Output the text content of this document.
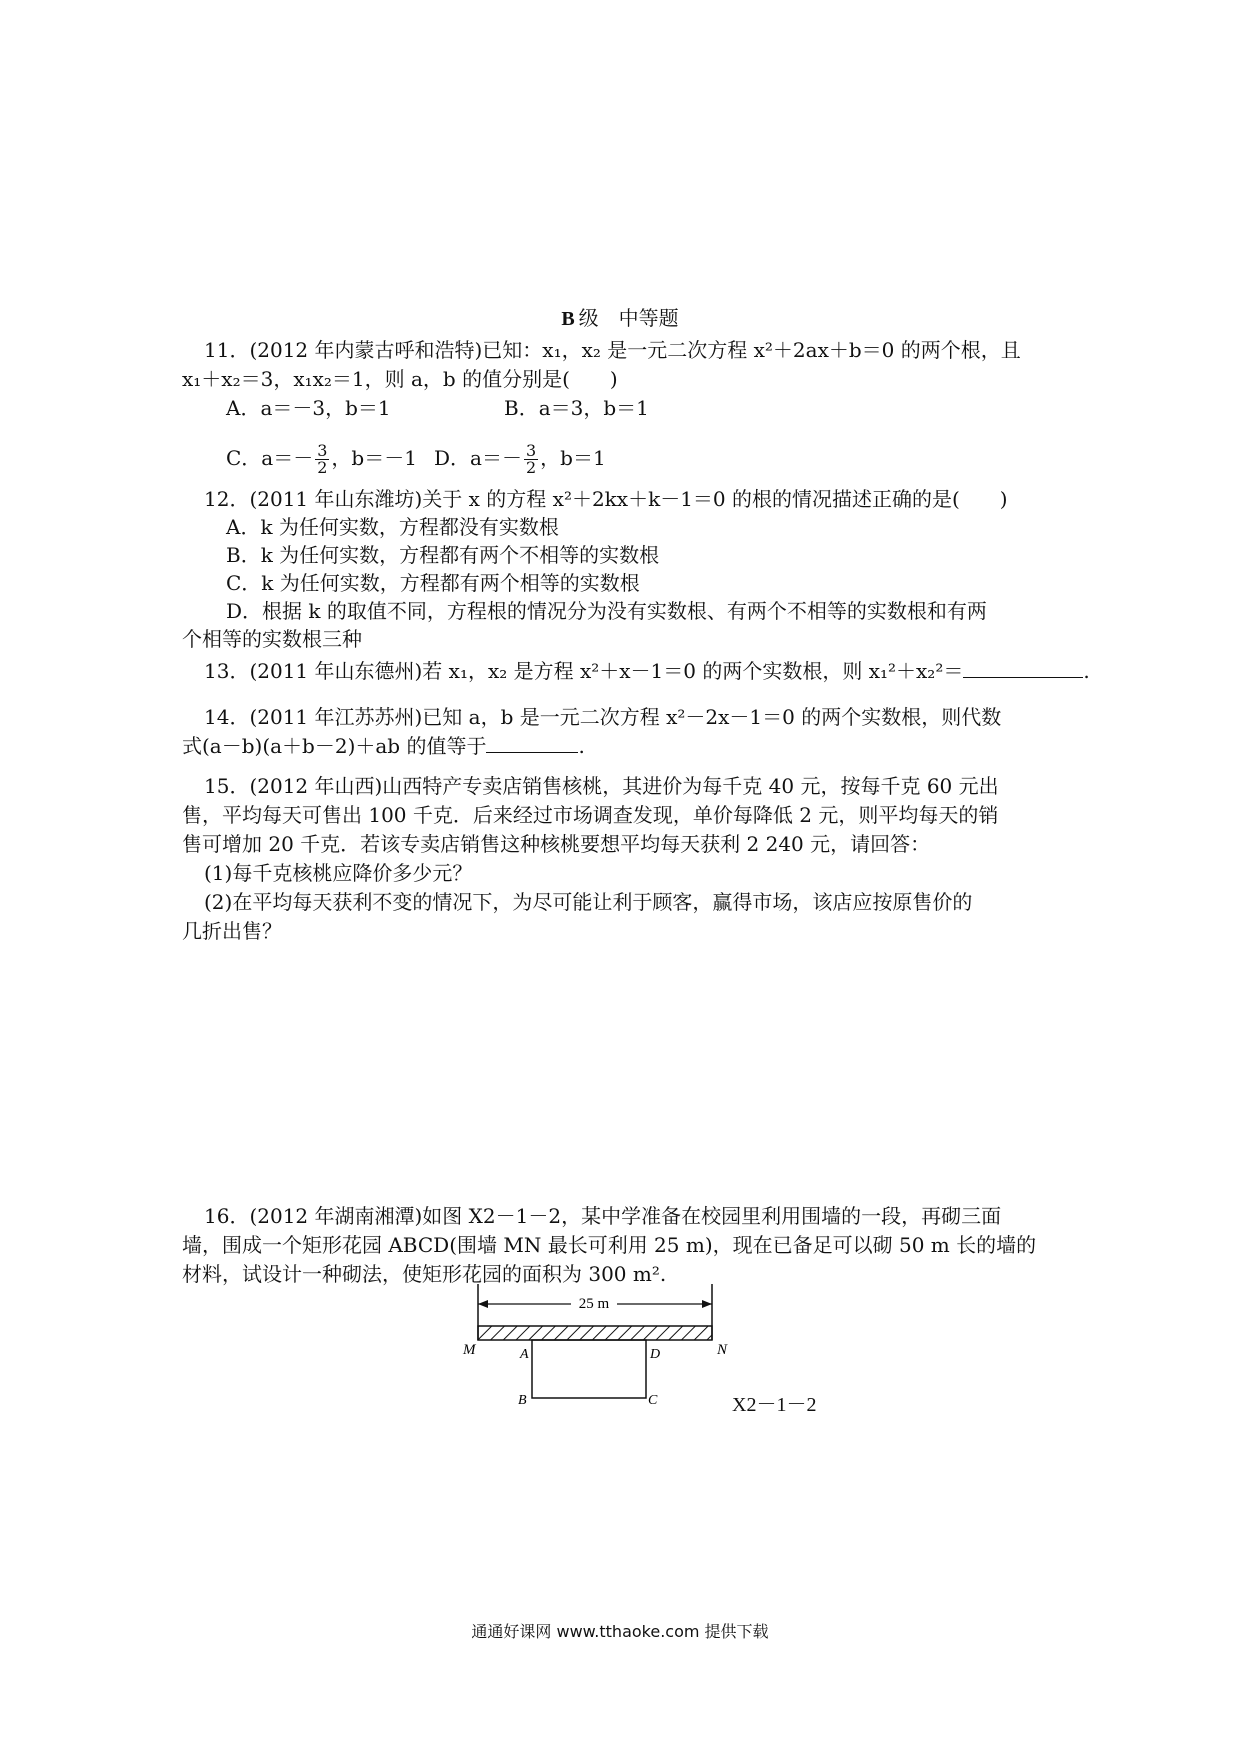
B 级　中等题
11．(2012 年内蒙古呼和浩特)已知：x₁，x₂ 是一元二次方程 x²＋2ax＋b＝0 的两个根，且
x₁＋x₂＝3，x₁x₂＝1，则 a，b 的值分别是(　　)
A．a＝－3，b＝1	B．a＝3，b＝1
C．$a=- \frac{3}{2}$ ，b＝－1 D．$a=- \frac{3}{2}$ ，b＝1
12．(2011 年山东潍坊)关于 x 的方程 x²＋2kx＋k－1＝0 的根的情况描述正确的是(　　)
A．k 为任何实数，方程都没有实数根
B．k 为任何实数，方程都有两个不相等的实数根
C．k 为任何实数，方程都有两个相等的实数根
D．根据 k 的取值不同，方程根的情况分为没有实数根、有两个不相等的实数根和有两
个相等的实数根三种
13．(2011 年山东德州)若 x₁，x₂ 是方程 x²＋x－1＝0 的两个实数根，则 x₁²＋x₂²＝	.
14．(2011 年江苏苏州)已知 a，b 是一元二次方程 x²－2x－1＝0 的两个实数根，则代数
式(a－b)(a＋b－2)＋ab 的值等于	.
15．(2012 年山西)山西特产专卖店销售核桃，其进价为每千克 40 元，按每千克 60 元出
售，平均每天可售出 100 千克．后来经过市场调查发现，单价每降低 2 元，则平均每天的销
售可增加 20 千克．若该专卖店销售这种核桃要想平均每天获利 2 240 元，请回答：
(1)每千克核桃应降价多少元？
(2)在平均每天获利不变的情况下，为尽可能让利于顾客，赢得市场，该店应按原售价的
几折出售？
16．(2012 年湖南湘潭)如图 X2－1－2，某中学准备在校园里利用围墙的一段，再砌三面
墙，围成一个矩形花园 ABCD(围墙 MN 最长可利用 25 m)，现在已备足可以砌 50 m 长的墙的
材料，试设计一种砌法，使矩形花园的面积为 300 m².
25 m
M	N
A	D
B	C	X2－1－2
通通好课网 www.tthaoke.com 提供下载
